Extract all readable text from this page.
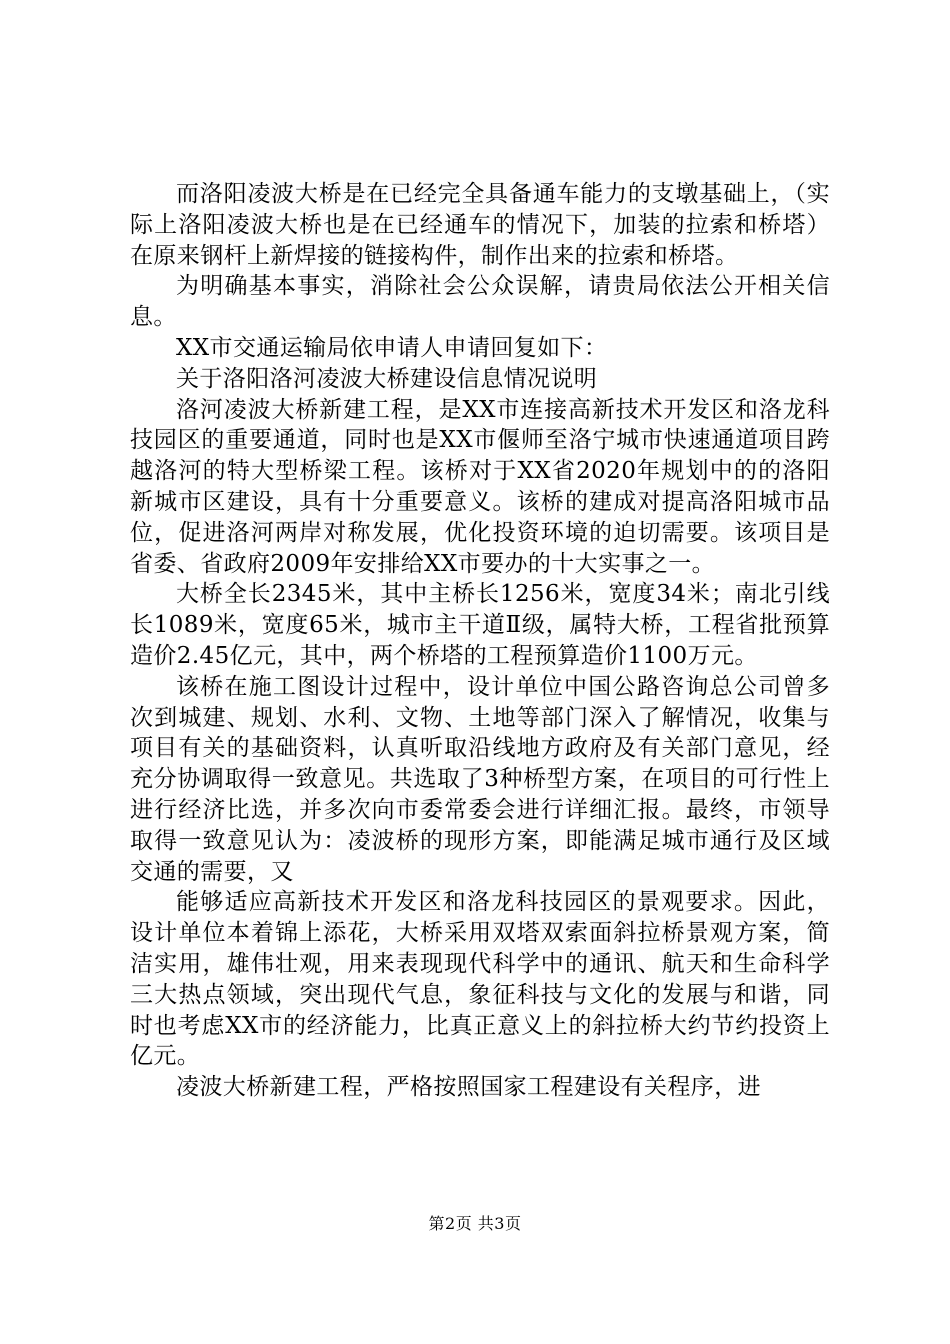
而洛阳凌波大桥是在已经完全具备通车能力的支墩基础上，（实际上洛阳凌波大桥也是在已经通车的情况下，加装的拉索和桥塔）在原来钢杆上新焊接的链接构件，制作出来的拉索和桥塔。

为明确基本事实，消除社会公众误解，请贵局依法公开相关信息。

XX市交通运输局依申请人申请回复如下：

关于洛阳洛河凌波大桥建设信息情况说明

洛河凌波大桥新建工程，是XX市连接高新技术开发区和洛龙科技园区的重要通道，同时也是XX市偃师至洛宁城市快速通道项目跨越洛河的特大型桥梁工程。该桥对于XX省2020年规划中的的洛阳新城市区建设，具有十分重要意义。该桥的建成对提高洛阳城市品位，促进洛河两岸对称发展，优化投资环境的迫切需要。该项目是省委、省政府2009年安排给XX市要办的十大实事之一。

大桥全长2345米，其中主桥长1256米，宽度34米；南北引线长1089米，宽度65米，城市主干道Ⅱ级，属特大桥，工程省批预算造价2.45亿元，其中，两个桥塔的工程预算造价1100万元。

该桥在施工图设计过程中，设计单位中国公路咨询总公司曾多次到城建、规划、水利、文物、土地等部门深入了解情况，收集与项目有关的基础资料，认真听取沿线地方政府及有关部门意见，经充分协调取得一致意见。共选取了3种桥型方案，在项目的可行性上进行经济比选，并多次向市委常委会进行详细汇报。最终，市领导取得一致意见认为：凌波桥的现形方案，即能满足城市通行及区域交通的需要，又

能够适应高新技术开发区和洛龙科技园区的景观要求。因此，设计单位本着锦上添花，大桥采用双塔双索面斜拉桥景观方案，简洁实用，雄伟壮观，用来表现现代科学中的通讯、航天和生命科学三大热点领域，突出现代气息，象征科技与文化的发展与和谐，同时也考虑XX市的经济能力，比真正意义上的斜拉桥大约节约投资上亿元。

凌波大桥新建工程，严格按照国家工程建设有关程序，进

第2页 共3页
